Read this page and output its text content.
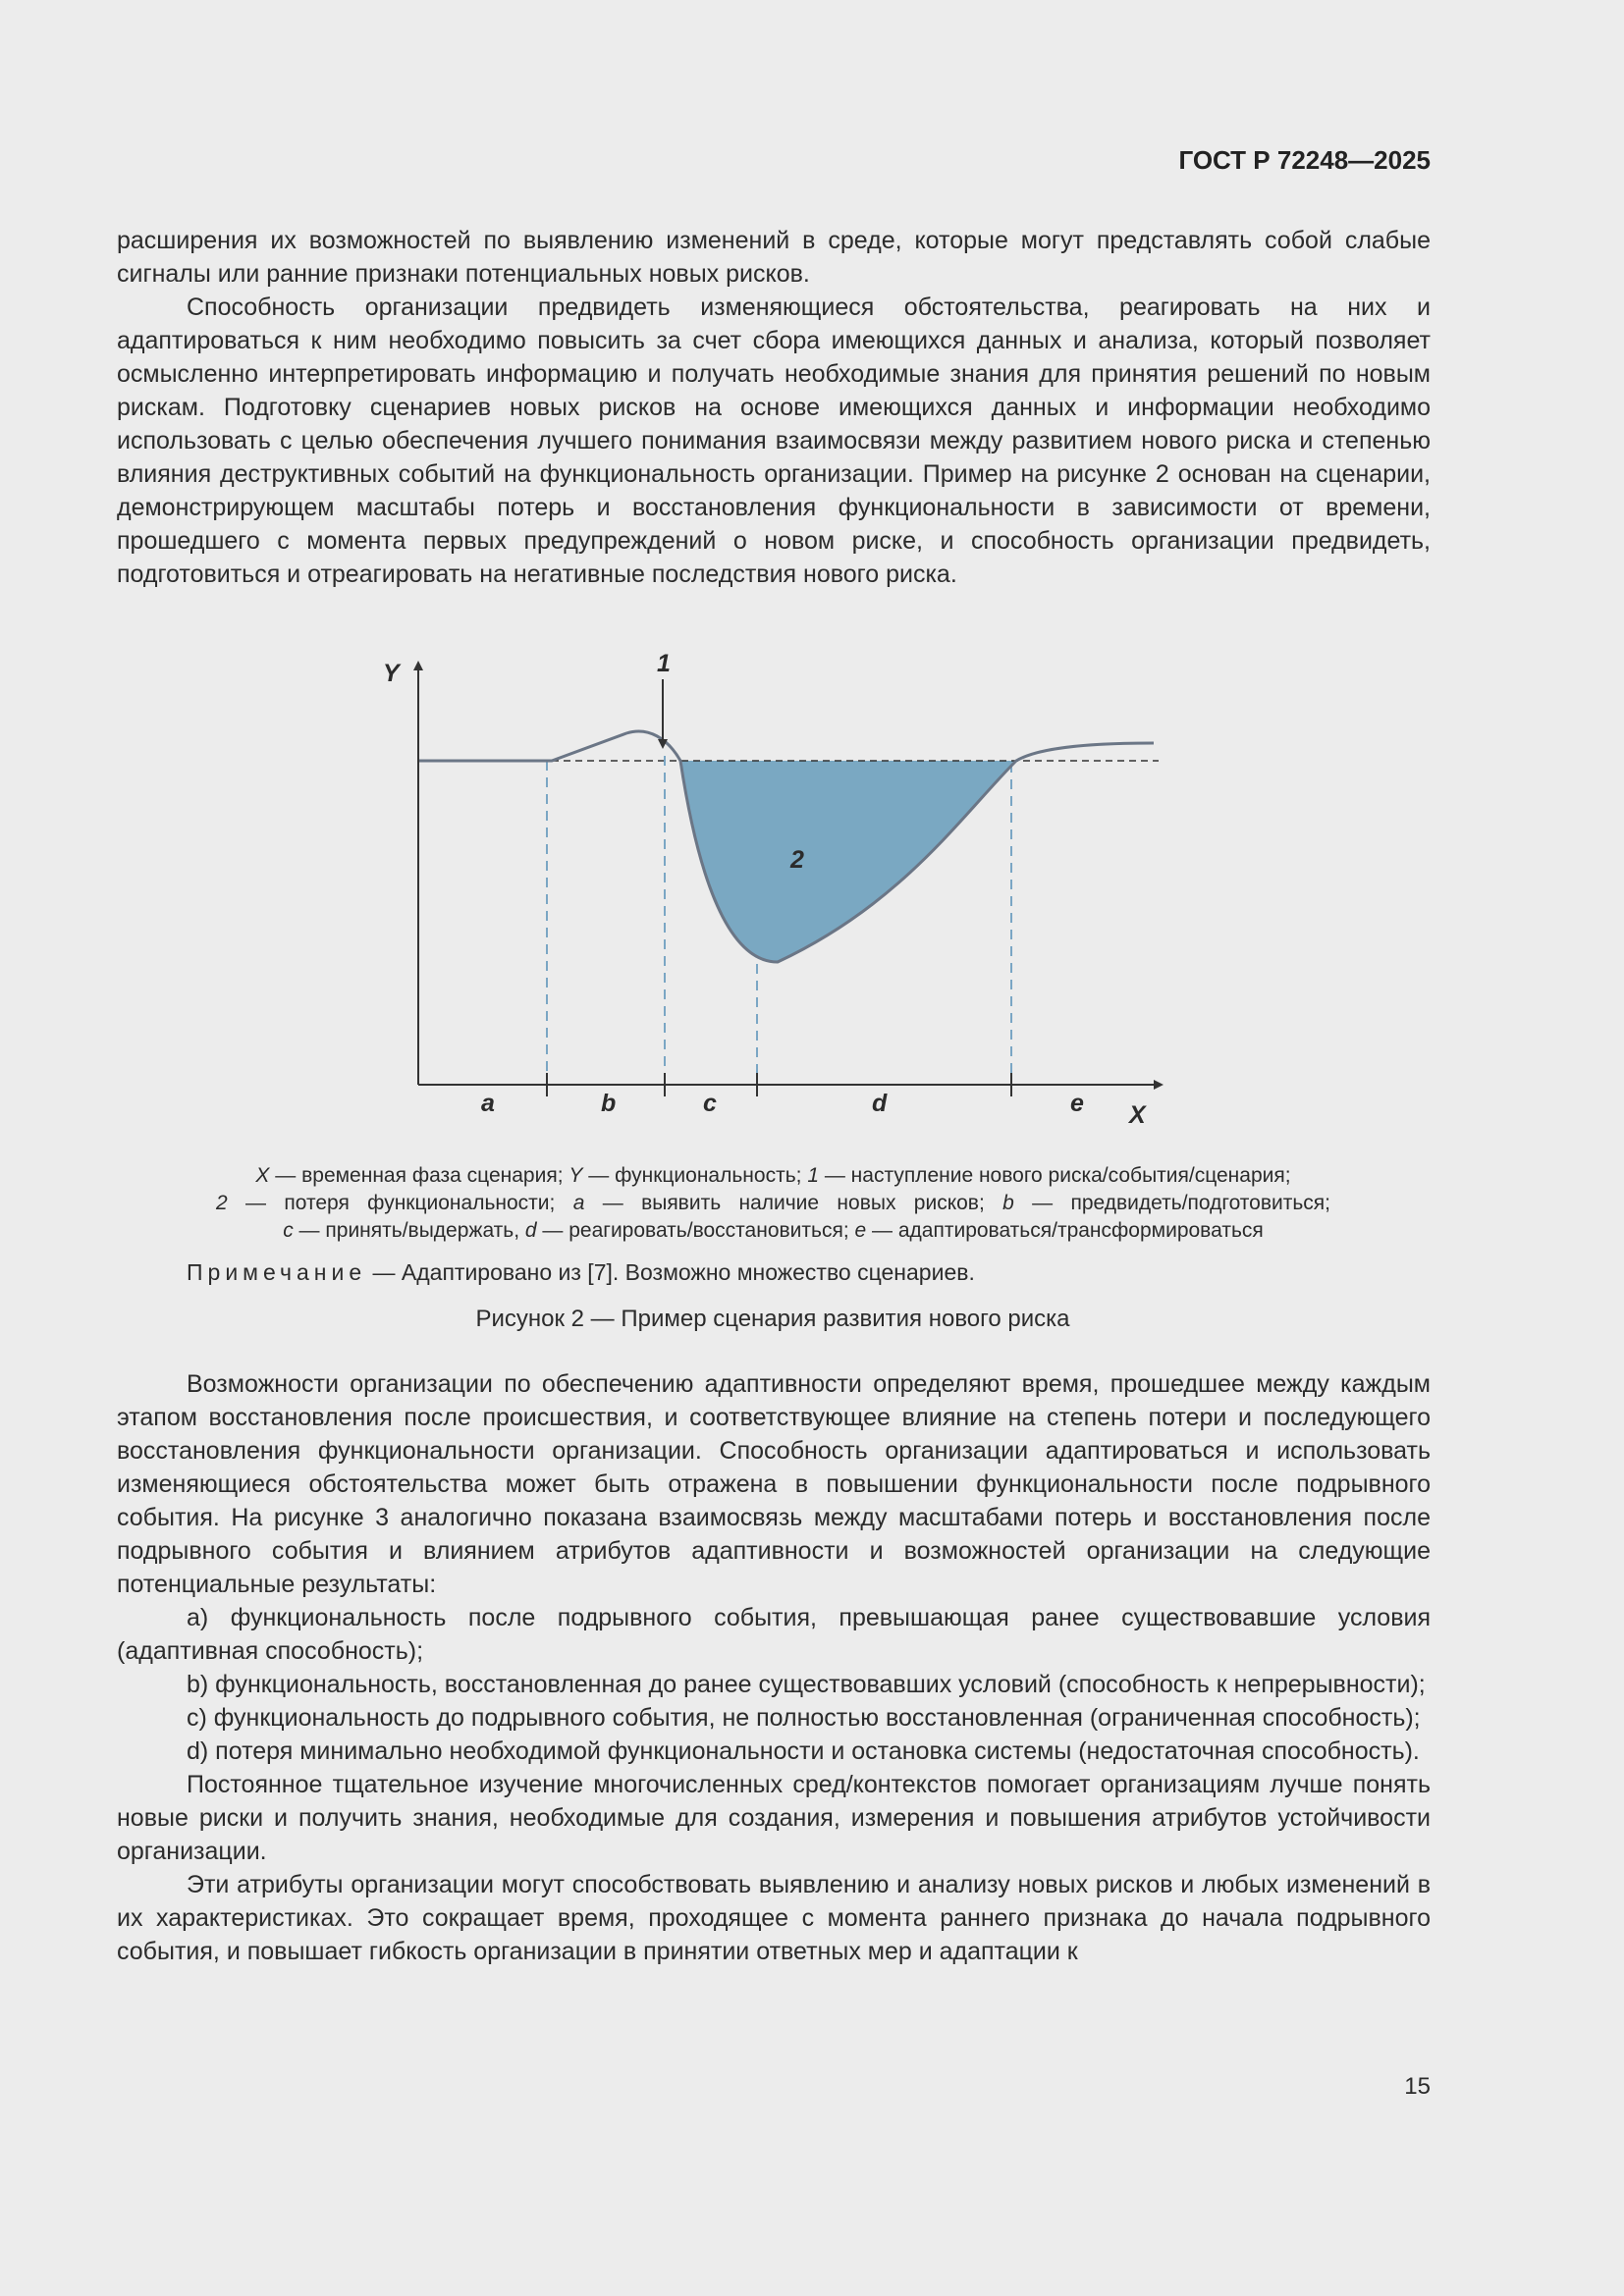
ГОСТ Р 72248—2025

расширения их возможностей по выявлению изменений в среде, которые могут представлять собой слабые сигналы или ранние признаки потенциальных новых рисков.

Способность организации предвидеть изменяющиеся обстоятельства, реагировать на них и адаптироваться к ним необходимо повысить за счет сбора имеющихся данных и анализа, который позволяет осмысленно интерпретировать информацию и получать необходимые знания для принятия решений по новым рискам. Подготовку сценариев новых рисков на основе имеющихся данных и информации необходимо использовать с целью обеспечения лучшего понимания взаимосвязи между развитием нового риска и степенью влияния деструктивных событий на функциональность организации. Пример на рисунке 2 основан на сценарии, демонстрирующем масштабы потерь и восстановления функциональности в зависимости от времени, прошедшего с момента первых предупреждений о новом риске, и способность организации предвидеть, подготовиться и отреагировать на негативные последствия нового риска.

Y
X
1
2
a	b	c	d	e

X — временная фаза сценария; Y — функциональность; 1 — наступление нового риска/события/сценария;

2 — потеря функциональности; a — выявить наличие новых рисков; b — предвидеть/подготовиться;

c — принять/выдержать, d — реагировать/восстановиться; e — адаптироваться/трансформироваться

Примечание — Адаптировано из [7]. Возможно множество сценариев.
Рисунок 2 — Пример сценария развития нового риска

Возможности организации по обеспечению адаптивности определяют время, прошедшее между каждым этапом восстановления после происшествия, и соответствующее влияние на степень потери и последующего восстановления функциональности организации. Способность организации адаптироваться и использовать изменяющиеся обстоятельства может быть отражена в повышении функциональности после подрывного события. На рисунке 3 аналогично показана взаимосвязь между масштабами потерь и восстановления после подрывного события и влиянием атрибутов адаптивности и возможностей организации на следующие потенциальные результаты:

a) функциональность после подрывного события, превышающая ранее существовавшие условия (адаптивная способность);

b) функциональность, восстановленная до ранее существовавших условий (способность к непрерывности);

c) функциональность до подрывного события, не полностью восстановленная (ограниченная способность);

d) потеря минимально необходимой функциональности и остановка системы (недостаточная способность).

Постоянное тщательное изучение многочисленных сред/контекстов помогает организациям лучше понять новые риски и получить знания, необходимые для создания, измерения и повышения атрибутов устойчивости организации.

Эти атрибуты организации могут способствовать выявлению и анализу новых рисков и любых изменений в их характеристиках. Это сокращает время, проходящее с момента раннего признака до начала подрывного события, и повышает гибкость организации в принятии ответных мер и адаптации к

15
